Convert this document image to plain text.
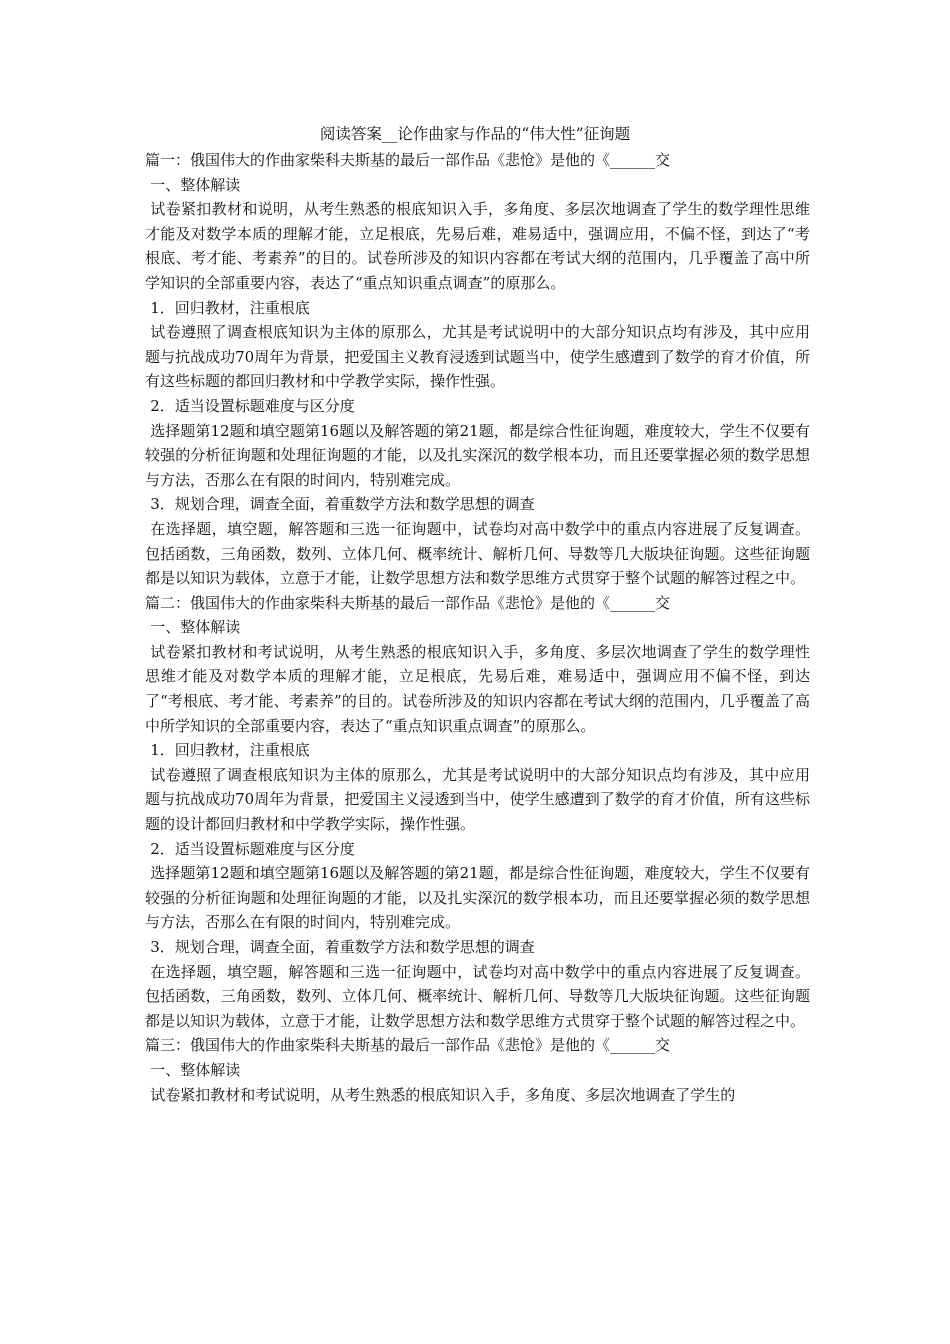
阅读答案__论作曲家与作品的“伟大性”征询题
篇一：俄国伟大的作曲家柴科夫斯基的最后一部作品《悲怆》是他的《______交
一、整体解读
试卷紧扣教材和说明，从考生熟悉的根底知识入手，多角度、多层次地调查了学生的数学理性思维才能及对数学本质的理解才能，立足根底，先易后难，难易适中，强调应用，不偏不怪，到达了“考根底、考才能、考素养”的目的。试卷所涉及的知识内容都在考试大纲的范围内，几乎覆盖了高中所学知识的全部重要内容，表达了“重点知识重点调查”的原那么。
1．回归教材，注重根底
试卷遵照了调查根底知识为主体的原那么，尤其是考试说明中的大部分知识点均有涉及，其中应用题与抗战成功70周年为背景，把爱国主义教育浸透到试题当中，使学生感遭到了数学的育才价值，所有这些标题的都回归教材和中学教学实际，操作性强。
2．适当设置标题难度与区分度
选择题第12题和填空题第16题以及解答题的第21题，都是综合性征询题，难度较大，学生不仅要有较强的分析征询题和处理征询题的才能，以及扎实深沉的数学根本功，而且还要掌握必须的数学思想与方法，否那么在有限的时间内，特别难完成。
3．规划合理，调查全面，着重数学方法和数学思想的调查
在选择题，填空题，解答题和三选一征询题中，试卷均对高中数学中的重点内容进展了反复调查。包括函数，三角函数，数列、立体几何、概率统计、解析几何、导数等几大版块征询题。这些征询题都是以知识为载体，立意于才能，让数学思想方法和数学思维方式贯穿于整个试题的解答过程之中。
篇二：俄国伟大的作曲家柴科夫斯基的最后一部作品《悲怆》是他的《______交
一、整体解读
试卷紧扣教材和考试说明，从考生熟悉的根底知识入手，多角度、多层次地调查了学生的数学理性思维才能及对数学本质的理解才能，立足根底，先易后难，难易适中，强调应用不偏不怪，到达了“考根底、考才能、考素养”的目的。试卷所涉及的知识内容都在考试大纲的范围内，几乎覆盖了高中所学知识的全部重要内容，表达了“重点知识重点调查”的原那么。
1．回归教材，注重根底
试卷遵照了调查根底知识为主体的原那么，尤其是考试说明中的大部分知识点均有涉及，其中应用题与抗战成功70周年为背景，把爱国主义浸透到当中，使学生感遭到了数学的育才价值，所有这些标题的设计都回归教材和中学教学实际，操作性强。
2．适当设置标题难度与区分度
选择题第12题和填空题第16题以及解答题的第21题，都是综合性征询题，难度较大，学生不仅要有较强的分析征询题和处理征询题的才能，以及扎实深沉的数学根本功，而且还要掌握必须的数学思想与方法，否那么在有限的时间内，特别难完成。
3．规划合理，调查全面，着重数学方法和数学思想的调查
在选择题，填空题，解答题和三选一征询题中，试卷均对高中数学中的重点内容进展了反复调查。包括函数，三角函数，数列、立体几何、概率统计、解析几何、导数等几大版块征询题。这些征询题都是以知识为载体，立意于才能，让数学思想方法和数学思维方式贯穿于整个试题的解答过程之中。
篇三：俄国伟大的作曲家柴科夫斯基的最后一部作品《悲怆》是他的《______交
一、整体解读
试卷紧扣教材和考试说明，从考生熟悉的根底知识入手，多角度、多层次地调查了学生的
